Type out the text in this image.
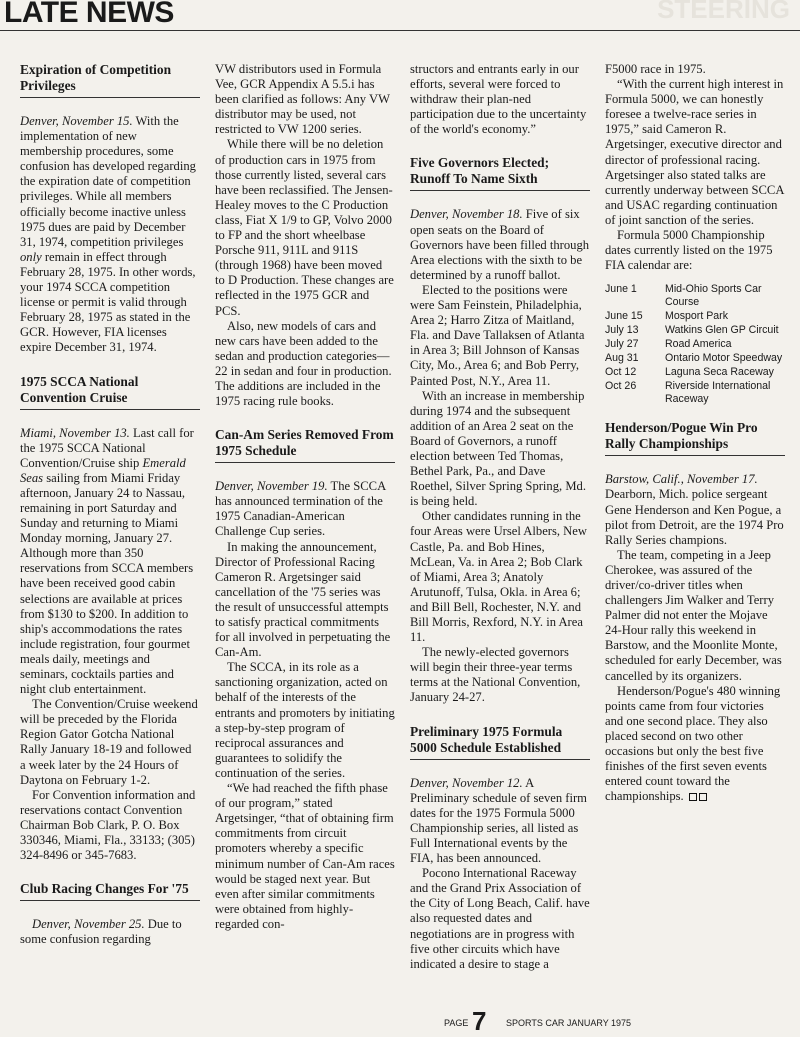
LATE NEWS	STEERING
Expiration of Competition Privileges

Denver, November 15. With the implementation of new membership procedures, some confusion has developed regarding the expiration date of competition privileges. While all members officially become inactive unless 1975 dues are paid by December 31, 1974, competition privileges only remain in effect through February 28, 1975. In other words, your 1974 SCCA competition license or permit is valid through February 28, 1975 as stated in the GCR. However, FIA licenses expire December 31, 1974.

1975 SCCA National Convention Cruise

Miami, November 13. Last call for the 1975 SCCA National Convention/Cruise ship Emerald Seas sailing from Miami Friday afternoon, January 24 to Nassau, remaining in port Saturday and Sunday and returning to Miami Monday morning, January 27. Although more than 350 reservations from SCCA members have been received good cabin selections are available at prices from $130 to $200. In addition to ship's accommodations the rates include registration, four gourmet meals daily, meetings and seminars, cocktails parties and night club entertainment.

The Convention/Cruise weekend will be preceded by the Florida Region Gator Gotcha National Rally January 18-19 and followed a week later by the 24 Hours of Daytona on February 1-2.

For Convention information and reservations contact Convention Chairman Bob Clark, P. O. Box 330346, Miami, Fla., 33133; (305) 324-8496 or 345-7683.

Club Racing Changes For '75

Denver, November 25. Due to some confusion regarding

VW distributors used in Formula Vee, GCR Appendix A 5.5.i has been clarified as follows: Any VW distributor may be used, not restricted to VW 1200 series.

While there will be no deletion of production cars in 1975 from those currently listed, several cars have been reclassified. The Jensen-Healey moves to the C Production class, Fiat X 1/9 to GP, Volvo 2000 to FP and the short wheelbase Porsche 911, 911L and 911S (through 1968) have been moved to D Production. These changes are reflected in the 1975 GCR and PCS.

Also, new models of cars and new cars have been added to the sedan and production categories—22 in sedan and four in production. The additions are included in the 1975 racing rule books.

Can-Am Series Removed From 1975 Schedule

Denver, November 19. The SCCA has announced termination of the 1975 Canadian-American Challenge Cup series.

In making the announcement, Director of Professional Racing Cameron R. Argetsinger said cancellation of the '75 series was the result of unsuccessful attempts to satisfy practical commitments for all involved in perpetuating the Can-Am.

The SCCA, in its role as a sanctioning organization, acted on behalf of the interests of the entrants and promoters by initiating a step-by-step program of reciprocal assurances and guarantees to solidify the continuation of the series.

“We had reached the fifth phase of our program,” stated Argetsinger, “that of obtaining firm commitments from circuit promoters whereby a specific minimum number of Can-Am races would be staged next year. But even after similar commitments were obtained from highly-regarded con-

structors and entrants early in our efforts, several were forced to withdraw their plan-ned participation due to the uncertainty of the world's economy.”

Five Governors Elected; Runoff To Name Sixth

Denver, November 18. Five of six open seats on the Board of Governors have been filled through Area elections with the sixth to be determined by a runoff ballot.

Elected to the positions were were Sam Feinstein, Philadelphia, Area 2; Harro Zitza of Maitland, Fla. and Dave Tallaksen of Atlanta in Area 3; Bill Johnson of Kansas City, Mo., Area 6; and Bob Perry, Painted Post, N.Y., Area 11.

With an increase in membership during 1974 and the subsequent addition of an Area 2 seat on the Board of Governors, a runoff election between Ted Thomas, Bethel Park, Pa., and Dave Roethel, Silver Spring Spring, Md. is being held.

Other candidates running in the four Areas were Ursel Albers, New Castle, Pa. and Bob Hines, McLean, Va. in Area 2; Bob Clark of Miami, Area 3; Anatoly Arutunoff, Tulsa, Okla. in Area 6; and Bill Bell, Rochester, N.Y. and Bill Morris, Rexford, N.Y. in Area 11.

The newly-elected governors will begin their three-year terms terms at the National Convention, January 24-27.

Preliminary 1975 Formula 5000 Schedule Established

Denver, November 12. A Preliminary schedule of seven firm dates for the 1975 Formula 5000 Championship series, all listed as Full International events by the FIA, has been announced.

Pocono International Raceway and the Grand Prix Association of the City of Long Beach, Calif. have also requested dates and negotiations are in progress with five other circuits which have indicated a desire to stage a

F5000 race in 1975.

“With the current high interest in Formula 5000, we can honestly foresee a twelve-race series in 1975,” said Cameron R. Argetsinger, executive director and director of professional racing. Argetsinger also stated talks are currently underway between SCCA and USAC regarding continuation of joint sanction of the series.

Formula 5000 Championship dates currently listed on the 1975 FIA calendar are:

June 1	Mid-Ohio Sports Car Course
June 15	Mosport Park
July 13	Watkins Glen GP Circuit
July 27	Road America
Aug 31	Ontario Motor Speedway
Oct 12	Laguna Seca Raceway
Oct 26	Riverside International Raceway
Henderson/Pogue Win Pro Rally Championships

Barstow, Calif., November 17. Dearborn, Mich. police sergeant Gene Henderson and Ken Pogue, a pilot from Detroit, are the 1974 Pro Rally Series champions.

The team, competing in a Jeep Cherokee, was assured of the driver/co-driver titles when challengers Jim Walker and Terry Palmer did not enter the Mojave 24-Hour rally this weekend in Barstow, and the Moonlite Monte, scheduled for early December, was cancelled by its organizers.

Henderson/Pogue's 480 winning points came from four victories and one second place. They also placed second on two other occasions but only the best five finishes of the first seven events entered count toward the championships.

PAGE 7 SPORTS CAR JANUARY 1975
